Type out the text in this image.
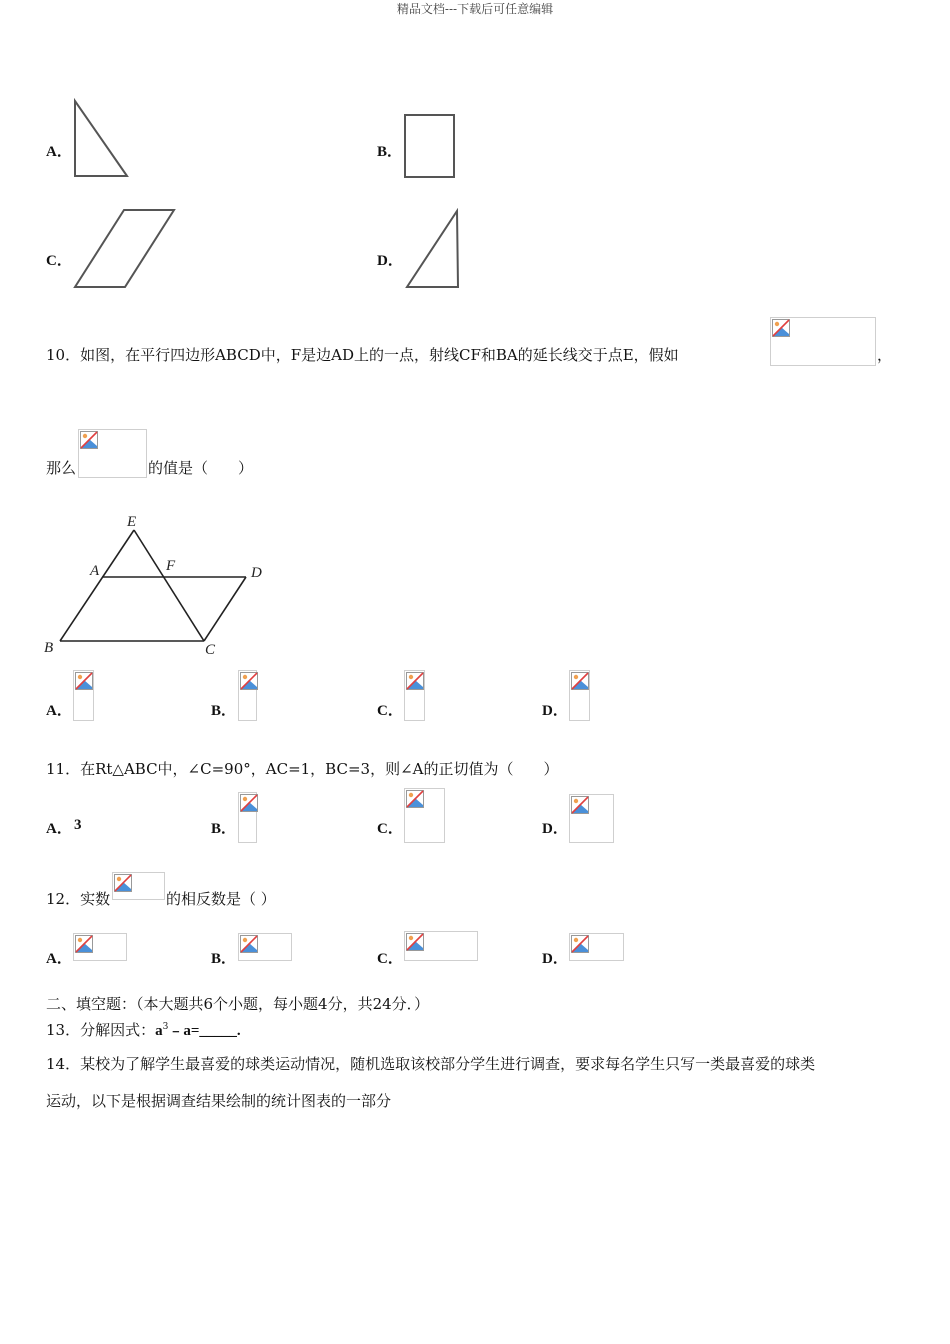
精品文档---下载后可任意编辑
A．	B．
C．	D．
10．如图，在平行四边形ABCD中，F是边AD上的一点，射线CF和BA的延长线交于点E，假如	，
那么	的值是（　　）
E
A	F	D
B	C
A．	B．	C．	D．
11．在Rt△ABC中，∠C=90°，AC=1，BC=3，则∠A的正切值为（　　）
A． 3	B．	C．	D．
12．实数	的相反数是（ ）
A．	B．	C．	D．
二、填空题：（本大题共6个小题，每小题4分，共24分．）
13．分解因式：$a^3﹣a=\_\_\_\_\_$.
14．某校为了解学生最喜爱的球类运动情况，随机选取该校部分学生进行调查，要求每名学生只写一类最喜爱的球类
运动，以下是根据调查结果绘制的统计图表的一部分
